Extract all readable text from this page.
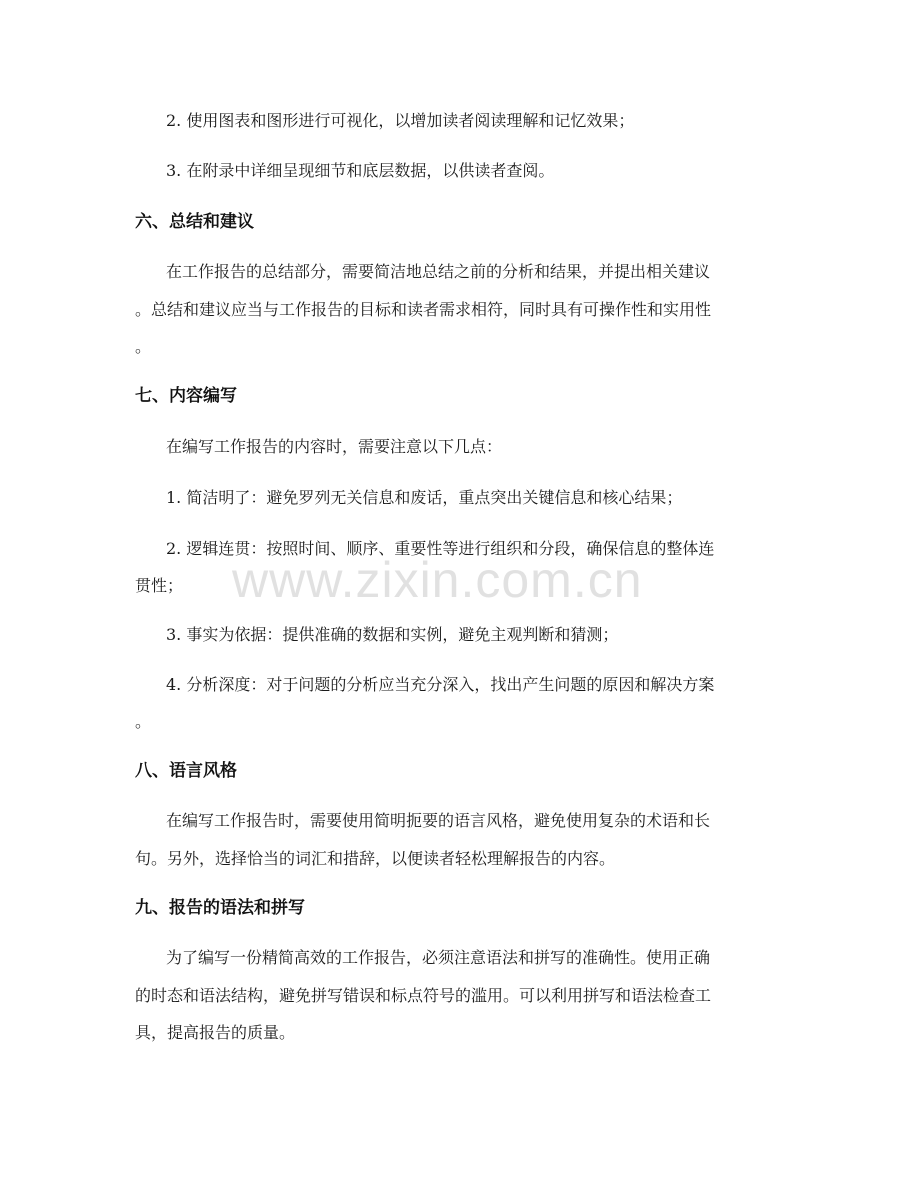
2. 使用图表和图形进行可视化，以增加读者阅读理解和记忆效果；
3. 在附录中详细呈现细节和底层数据，以供读者查阅。
六、总结和建议
在工作报告的总结部分，需要简洁地总结之前的分析和结果，并提出相关建议
。总结和建议应当与工作报告的目标和读者需求相符，同时具有可操作性和实用性
。
七、内容编写
在编写工作报告的内容时，需要注意以下几点：
1. 简洁明了：避免罗列无关信息和废话，重点突出关键信息和核心结果；
2. 逻辑连贯：按照时间、顺序、重要性等进行组织和分段，确保信息的整体连
贯性；
3. 事实为依据：提供准确的数据和实例，避免主观判断和猜测；
4. 分析深度：对于问题的分析应当充分深入，找出产生问题的原因和解决方案
。
八、语言风格
在编写工作报告时，需要使用简明扼要的语言风格，避免使用复杂的术语和长
句。另外，选择恰当的词汇和措辞，以便读者轻松理解报告的内容。
九、报告的语法和拼写
为了编写一份精简高效的工作报告，必须注意语法和拼写的准确性。使用正确
的时态和语法结构，避免拼写错误和标点符号的滥用。可以利用拼写和语法检查工
具，提高报告的质量。
www.zixin.com.cn
